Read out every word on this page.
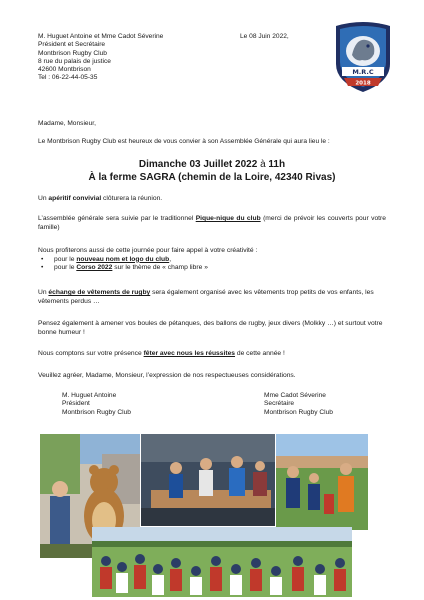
M. Huguet Antoine et Mme Cadot Séverine
Président et Secrétaire
Montbrison Rugby Club
8 rue du palais de justice
42600 Montbrison
Tel : 06-22-44-05-35
Le 08 Juin 2022,
M.R.C
2018
Madame, Monsieur,
Le Montbrison Rugby Club est heureux de vous convier à son Assemblée Générale qui aura lieu le :
Dimanche 03 Juillet 2022 à 11h
À la ferme SAGRA (chemin de la Loire, 42340 Rivas)
Un apéritif convivial clôturera la réunion.
L’assemblée générale sera suivie par le traditionnel Pique-nique du club (merci de prévoir les couverts pour votre famille)
Nous profiterons aussi de cette journée pour faire appel à votre créativité :
• pour le nouveau nom et logo du club,
• pour le Corso 2022 sur le thème de « champ libre »
Un échange de vêtements de rugby sera également organisé avec les vêtements trop petits de vos enfants, les vêtements perdus …
Pensez également à amener vos boules de pétanques, des ballons de rugby, jeux divers (Molkky …) et surtout votre bonne humeur !
Nous comptons sur votre présence fêter avec nous les réussites de cette année !
Veuillez agréer, Madame, Monsieur, l’expression de nos respectueuses considérations.
M. Huguet Antoine
Président
Montbrison Rugby Club
Mme Cadot Séverine
Secrétaire
Montbrison Rugby Club
